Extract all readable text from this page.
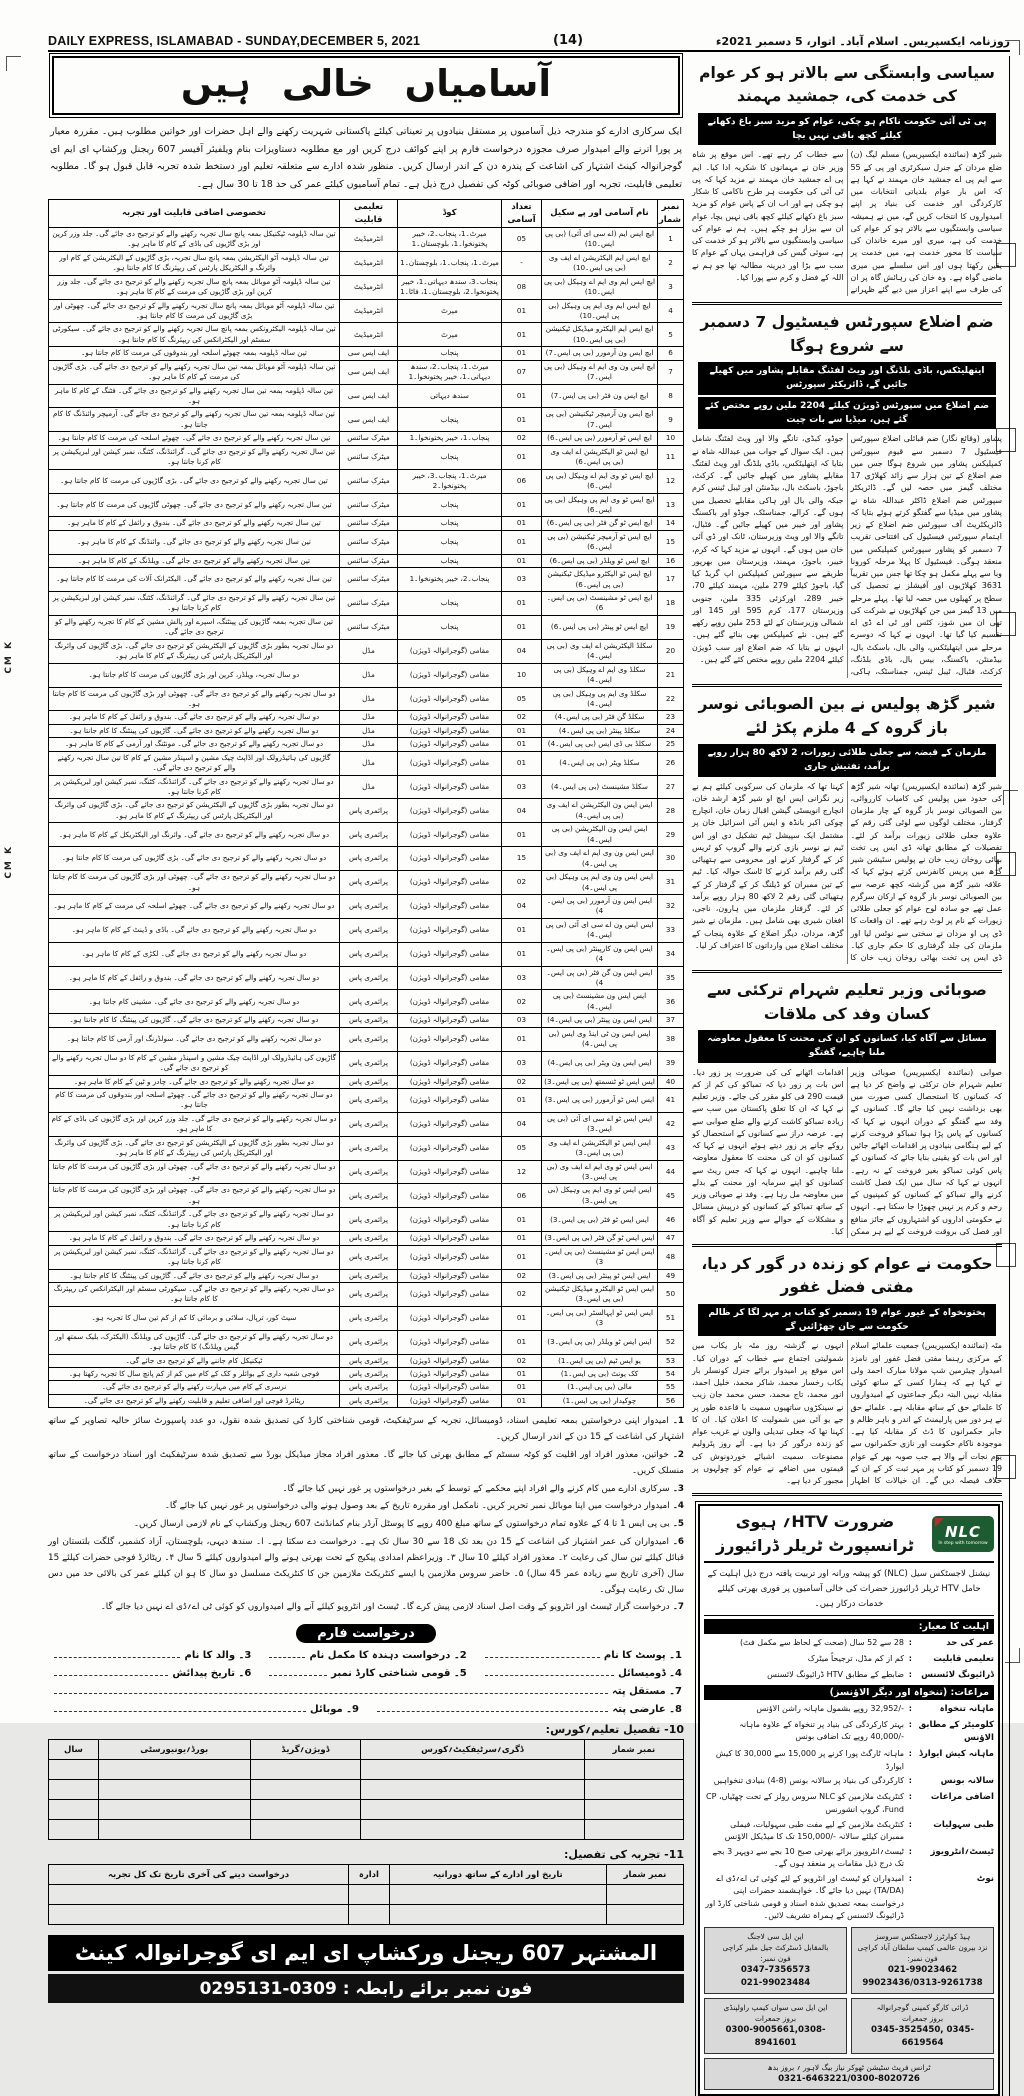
CM K
CM K
DAILY EXPRESS, ISLAMABAD - SUNDAY,DECEMBER 5, 2021	(14)	روزنامہ ایکسپریس۔ اسلام آباد۔ اتوار، 5 دسمبر 2021ء
آسامیاں خالی ہیں
ایک سرکاری ادارے کو مندرجہ ذیل آسامیوں پر مستقل بنیادوں پر تعیناتی کیلئے پاکستانی شہریت رکھنے والے اہل حضرات اور خواتین مطلوب ہیں۔ مقررہ معیار پر پورا اترنے والے امیدوار صرف مجوزہ درخواست فارم پر اپنے کوائف درج کریں اور مع مطلوبہ دستاویزات بنام ویلفیئر آفیسر 607 ریجنل ورکشاپ ای ایم ای گوجرانوالہ کینٹ اشتہار کی اشاعت کے پندرہ دن کے اندر ارسال کریں۔ منظور شدہ ادارے سے متعلقہ تعلیم اور دستخط شدہ تجربہ قابل قبول ہو گا۔ مطلوبہ تعلیمی قابلیت، تجربہ اور اضافی صوبائی کوٹہ کی تفصیل درج ذیل ہے۔ تمام آسامیوں کیلئے عمر کی حد 18 تا 30 سال ہے۔
نمبر شمار	نام آسامی اور پے سکیل	تعداد آسامی	کوڈ	تعلیمی قابلیت	تخصوصی اضافی قابلیت اور تجربہ
1	ایچ ایس ایم (اے سی ای آئی) (بی پی ایس۔10)	05	میرٹ۔1، پنجاب۔2، خیبر پختونخوا۔1، بلوچستان۔1	انٹرمیڈیٹ	تین سالہ ڈپلومہ ٹیکنیکل بمعہ پانچ سال تجربہ رکھنے والے کو ترجیح دی جائے گی۔ جلد وزر کرین اور بڑی گاڑیوں کی باڈی کے کام کا ماہر ہو۔
2	ایچ ایس ایم الیکٹریشن اے ایف وی (بی پی ایس۔10)	-	میرٹ۔1، پنجاب۔1، بلوچستان۔1	انٹرمیڈیٹ	تین سالہ ڈپلومہ آٹو الیکٹریشن بمعہ پانچ سال تجربہ، بڑی گاڑیوں کے الیکٹریشن کے کام اور وائرنگ و الیکٹریکل پارٹس کی ریپئرنگ کا کام جانتا ہو۔
3	ایچ ایس ایم وی ایم اے وہیکل (بی پی ایس۔10)	08	پنجاب۔3، سندھ دیہاتی۔1، خیبر پختونخوا۔2، بلوچستان۔1، فاٹا۔1	انٹرمیڈیٹ	تین سالہ ڈپلومہ آٹو موبائل بمعہ پانچ سال تجربہ رکھنے والے کو ترجیح دی جائے گی۔ جلد وزر کرین اور بڑی گاڑیوں کی مرمت کے کام کا ماہر ہو۔
4	ایچ ایس ایم وی ایم پی وہیکل (بی پی ایس۔10)	01	میرٹ	انٹرمیڈیٹ	تین سالہ ڈپلومہ آٹو موبائل بمعہ پانچ سال تجربہ رکھنے والے کو ترجیح دی جائے گی۔ چھوٹی اور بڑی گاڑیوں کی مرمت کا کام جانتا ہو۔
5	ایچ ایس ایم الیکٹرو میڈیکل ٹیکنیشن (بی پی ایس۔10)	01	میرٹ	انٹرمیڈیٹ	تین سالہ ڈپلومہ الیکٹرونکس بمعہ پانچ سال تجربہ رکھنے والے کو ترجیح دی جائے گی۔ سیکورٹی سسٹم اور الیکٹرانکس کی ریپئرنگ کا کام جانتا ہو۔
6	ایچ ایس ون آرمورر (بی پی ایس۔7)	01	پنجاب	ایف ایس سی	تین سالہ ڈپلومہ بمعہ چھوٹے اسلحہ اور بندوقوں کی مرمت کا کام جانتا ہو۔
7	ایچ ایس ون وی ایم اے وہیکل (بی پی ایس۔7)	07	میرٹ۔1، پنجاب۔2، سندھ دیہاتی۔1، خیبر پختونخوا۔1	ایف ایس سی	تین سالہ ڈپلومہ آٹو موبائل بمعہ تین سال تجربہ رکھنے والے کو ترجیح دی جائے گی۔ بڑی گاڑیوں کی مرمت کے کام کا ماہر ہو۔
8	ایچ ایس ون فٹر (بی پی ایس۔7)	01	سندھ دیہاتی	ایف ایس سی	تین سالہ ڈپلومہ بمعہ تین سال تجربہ رکھنے والے کو ترجیح دی جائے گی۔ فٹنگ کے کام کا ماہر ہو۔
9	ایچ ایس ون آرمیچر ٹیکنیشن (بی پی ایس۔7)	01	پنجاب	ایف ایس سی	تین سالہ ڈپلومہ بمعہ تین سال تجربہ رکھنے والے کو ترجیح دی جائے گی۔ آرمیچر وائنڈنگ کا کام جانتا ہو۔
10	ایچ ایس ٹو آرمورر (بی پی ایس۔6)	02	پنجاب۔1، خیبر پختونخوا۔1	میٹرک سائنس	تین سال تجربہ رکھنے والے کو ترجیح دی جائے گی۔ چھوٹے اسلحہ کی مرمت کا کام جانتا ہو۔
11	ایچ ایس ٹو الیکٹریشن اے ایف وی (بی پی ایس۔6)	01	پنجاب	میٹرک سائنس	تین سال تجربہ رکھنے والے کو ترجیح دی جائے گی۔ گرائنڈنگ، کٹنگ، نمبر کیشن اور لبریکیشن پر کام کرنا جانتا ہو۔
12	ایچ ایس ٹو وی ایم اے وہیکل (بی پی ایس۔6)	06	میرٹ۔1، پنجاب۔3، خیبر پختونخوا۔2	میٹرک سائنس	تین سال تجربہ رکھنے والے کو ترجیح دی جائے گی۔ بڑی گاڑیوں کی مرمت کا کام جانتا ہو۔
13	ایچ ایس ٹو وی ایم پی وہیکل (بی پی ایس۔6)	01	پنجاب	میٹرک سائنس	تین سال تجربہ رکھنے والے کو ترجیح دی جائے گی۔ چھوٹی گاڑیوں کی مرمت کا کام جانتا ہو۔
14	ایچ ایس ٹو گن فٹر (بی پی ایس۔6)	01	پنجاب	میٹرک سائنس	تین سال تجربہ رکھنے والے کو ترجیح دی جائے گی۔ بندوق و رائفل کے کام کا ماہر ہو۔
15	ایچ ایس ٹو آرمیچر ٹیکنیشن (بی پی ایس۔6)	01	پنجاب	میٹرک سائنس	تین سال تجربہ رکھنے والے کو ترجیح دی جائے گی۔ وائنڈنگ کے کام کا ماہر ہو۔
16	ایچ ایس ٹو ویلڈر (بی پی ایس۔6)	01	پنجاب	میٹرک سائنس	تین سال تجربہ رکھنے والے کو ترجیح دی جائے گی۔ ویلڈنگ کے کام کا ماہر ہو۔
17	ایچ ایس ٹو الیکٹرو میڈیکل ٹیکنیشن (بی پی ایس۔6)	03	پنجاب۔2، خیبر پختونخوا۔1	میٹرک سائنس	تین سال تجربہ رکھنے والے کو ترجیح دی جائے گی۔ الیکٹرانک آلات کی مرمت کا کام جانتا ہو۔
18	ایچ ایس ٹو مشینسٹ (بی پی ایس۔6)	01	پنجاب	میٹرک سائنس	تین سال تجربہ رکھنے والے کو ترجیح دی جائے گی۔ گرائنڈنگ، کٹنگ، نمبر کیشن اور لبریکیشن پر کام کرنا جانتا ہو۔
19	ایچ ایس ٹو پینٹر (بی پی ایس۔6)	01	پنجاب	میٹرک سائنس	تین سال تجربہ بمعہ گاڑیوں کی پینٹنگ، اسپرے اور پالش مشین کے کام کا تجربہ رکھنے والے کو ترجیح دی جائے گی۔
20	سکلڈ الیکٹریشن اے ایف وی (بی پی ایس۔4)	04	مقامی (گوجرانوالہ ڈویژن)	مڈل	دو سال تجربہ بطور بڑی گاڑیوں کے الیکٹریشن کو ترجیح دی جائے گی۔ بڑی گاڑیوں کی وائرنگ اور الیکٹریکل پارٹس کی ریپئرنگ کے کام کا ماہر ہو۔
21	سکلڈ وی ایم اے وہیکل (بی پی ایس۔4)	10	مقامی (گوجرانوالہ ڈویژن)	مڈل	دو سال تجربہ، ویلڈر، کرین اور بڑی گاڑیوں کی مرمت کا کام جانتا ہو۔
22	سکلڈ وی ایم پی وہیکل (بی پی ایس۔4)	05	مقامی (گوجرانوالہ ڈویژن)	مڈل	دو سال تجربہ رکھنے والے کو ترجیح دی جائے گی۔ چھوٹی اور بڑی گاڑیوں کی مرمت کا کام جانتا ہو۔
23	سکلڈ گن فٹر (بی پی ایس۔4)	02	مقامی (گوجرانوالہ ڈویژن)	مڈل	دو سال تجربہ رکھنے والے کو ترجیح دی جائے گی۔ بندوق و رائفل کے کام کا ماہر ہو۔
24	سکلڈ پینٹر (بی پی ایس۔4)	01	مقامی (گوجرانوالہ ڈویژن)	مڈل	دو سال تجربہ رکھنے والے کو ترجیح دی جائے گی۔ گاڑیوں کی پینٹنگ کا کام جانتا ہو۔
25	سکلڈ بی ڈی ایس (بی پی ایس۔4)	01	مقامی (گوجرانوالہ ڈویژن)	مڈل	دو سال تجربہ رکھنے والے کو ترجیح دی جائے گی۔ مونٹنگ اور آرمی کے کام کا ماہر ہو۔
26	سکلڈ ویٹر (بی پی ایس۔4)	01	مقامی (گوجرانوالہ ڈویژن)	مڈل	گاڑیوں کی ہائیڈرولک اور اڈاپٹ چیک مشین و اسپنڈر مشین کے کام کا تین سال تجربہ رکھنے والے کو ترجیح دی جائے گی۔
27	سکلڈ مشینسٹ (بی پی ایس۔4)	03	مقامی (گوجرانوالہ ڈویژن)	مڈل	دو سال تجربہ رکھنے والے کو ترجیح دی جائے گی۔ گرائنڈنگ، کٹنگ، نمبر کیشن اور لبریکیشن پر کام کرنا جانتا ہو۔
28	ایس ایس ون الیکٹریشن اے ایف وی (بی پی ایس۔4)	04	مقامی (گوجرانوالہ ڈویژن)	پرائمری پاس	دو سال تجربہ بطور بڑی گاڑیوں کے الیکٹریشن کو ترجیح دی جائے گی۔ بڑی گاڑیوں کی وائرنگ اور الیکٹریکل پارٹس کی ریپئرنگ کے کام کا ماہر ہو۔
29	ایس ایس ون الیکٹریشن (بی پی ایس۔4)	01	مقامی (گوجرانوالہ ڈویژن)	پرائمری پاس	دو سال تجربہ رکھنے والے کو ترجیح دی جائے گی۔ وائرنگ اور الیکٹریکل کے کام کا ماہر ہو۔
30	ایس ایس ون وی ایم اے ایف وی (بی پی ایس۔4)	15	مقامی (گوجرانوالہ ڈویژن)	پرائمری پاس	دو سال تجربہ رکھنے والے کو ترجیح دی جائے گی۔ بڑی گاڑیوں کی مرمت کا کام جانتا ہو۔
31	ایس ایس ون وی ایم پی وہیکل (بی پی ایس۔4)	02	مقامی (گوجرانوالہ ڈویژن)	پرائمری پاس	دو سال تجربہ رکھنے والے کو ترجیح دی جائے گی۔ چھوٹی اور بڑی گاڑیوں کی مرمت کا کام جانتا ہو۔
32	ایس ایس ون آرمورر (بی پی ایس۔4)	04	مقامی (گوجرانوالہ ڈویژن)	پرائمری پاس	دو سال تجربہ رکھنے والے کو ترجیح دی جائے گی۔ چھوٹے اسلحہ کی مرمت کے کام کا ماہر ہو۔
33	ایس ایس ون اے سی ای آئی (بی پی ایس۔4)	01	مقامی (گوجرانوالہ ڈویژن)	پرائمری پاس	دو سال تجربہ رکھنے والے کو ترجیح دی جائے گی۔ باڈی و ڈینٹ کے کام کا ماہر ہو۔
34	ایس ایس ون کارپینٹر (بی پی ایس۔4)	01	مقامی (گوجرانوالہ ڈویژن)	پرائمری پاس	دو سال تجربہ رکھنے والے کو ترجیح دی جائے گی۔ لکڑی کے کام کا ماہر ہو۔
35	ایس ایس ون گن فٹر (بی پی ایس۔4)	03	مقامی (گوجرانوالہ ڈویژن)	پرائمری پاس	دو سال تجربہ رکھنے والے کو ترجیح دی جائے گی۔ بندوق و رائفل کے کام کا ماہر ہو۔
36	ایس ایس ون مشینسٹ (بی پی ایس۔4)	02	مقامی (گوجرانوالہ ڈویژن)	پرائمری پاس	دو سال تجربہ رکھنے والے کو ترجیح دی جائے گی۔ مشینی کام جانتا ہو۔
37	ایس ایس ون پینٹر (بی پی ایس۔4)	03	مقامی (گوجرانوالہ ڈویژن)	پرائمری پاس	دو سال تجربہ رکھنے والے کو ترجیح دی جائے گی۔ گاڑیوں کی پینٹنگ کا کام جانتا ہو۔
38	ایس ایس ون ٹی اینڈ وی ایس (بی پی ایس۔4)	01	مقامی (گوجرانوالہ ڈویژن)	پرائمری پاس	دو سال تجربہ رکھنے والے کو ترجیح دی جائے گی۔ سولڈرنگ اور آرمی کا کام جانتا ہو۔
39	ایس ایس ون ویٹر (بی پی ایس۔4)	03	مقامی (گوجرانوالہ ڈویژن)	پرائمری پاس	گاڑیوں کی ہائیڈرولک اور اڈاپٹ چیک مشین و اسپنڈر مشین کے کام کا دو سال تجربہ رکھنے والے کو ترجیح دی جائے گی۔
40	ایس ایس ٹو ٹنسمتھ (بی پی ایس۔3)	02	مقامی (گوجرانوالہ ڈویژن)	پرائمری پاس	دو سال تجربہ رکھنے والے کو ترجیح دی جائے گی۔ چادر و ٹین کے کام کا ماہر ہو۔
41	ایس ایس ٹو آرمورر (بی پی ایس۔3)	01	مقامی (گوجرانوالہ ڈویژن)	پرائمری پاس	دو سال تجربہ رکھنے والے کو ترجیح دی جائے گی۔ چھوٹے اسلحہ اور بندوقوں کی مرمت کا کام جانتا ہو۔
42	ایس ایس ٹو اے سی ای آئی (بی پی ایس۔3)	04	مقامی (گوجرانوالہ ڈویژن)	پرائمری پاس	دو سال تجربہ رکھنے والے کو ترجیح دی جائے گی۔ جلد وزر کرین اور بڑی گاڑیوں کی باڈی کے کام کا ماہر ہو۔
43	ایس ایس ٹو الیکٹریشن اے ایف وی (بی پی ایس۔3)	05	مقامی (گوجرانوالہ ڈویژن)	پرائمری پاس	دو سال تجربہ بطور بڑی گاڑیوں کے الیکٹریشن کو ترجیح دی جائے گی۔ بڑی گاڑیوں کی وائرنگ اور الیکٹریکل پارٹس کی ریپئرنگ کے کام کا ماہر ہو۔
44	ایس ایس ٹو وی ایم اے ایف وی (بی پی ایس۔3)	12	مقامی (گوجرانوالہ ڈویژن)	پرائمری پاس	دو سال تجربہ رکھنے والے کو ترجیح دی جائے گی۔ چھوٹی اور بڑی گاڑیوں کی مرمت کا کام جانتا ہو۔
45	ایس ایس ٹو وی ایم پی وہیکل (بی پی ایس۔3)	06	مقامی (گوجرانوالہ ڈویژن)	پرائمری پاس	دو سال تجربہ رکھنے والے کو ترجیح دی جائے گی۔ چھوٹی اور بڑی گاڑیوں کی مرمت کا کام جانتا ہو۔
46	ایس ایس ٹو فٹر (بی پی ایس۔3)	01	مقامی (گوجرانوالہ ڈویژن)	پرائمری پاس	دو سال تجربہ رکھنے والے کو ترجیح دی جائے گی۔ گرائنڈنگ، کٹنگ، نمبر کیشن اور لبریکیشن پر کام کرنا جانتا ہو۔
47	ایس ایس ٹو گن فٹر (بی پی ایس۔3)	01	مقامی (گوجرانوالہ ڈویژن)	پرائمری پاس	دو سال تجربہ رکھنے والے کو ترجیح دی جائے گی۔ بندوق و رائفل کے کام کا ماہر ہو۔
48	ایس ایس ٹو مشینسٹ (بی پی ایس۔3)	01	مقامی (گوجرانوالہ ڈویژن)	پرائمری پاس	دو سال تجربہ رکھنے والے کو ترجیح دی جائے گی۔ گرائنڈنگ، کٹنگ، نمبر کیشن اور لبریکیشن پر کام کرنا جانتا ہو۔
49	ایس ایس ٹو پینٹر (بی پی ایس۔3)	02	مقامی (گوجرانوالہ ڈویژن)	پرائمری پاس	دو سال تجربہ رکھنے والے کو ترجیح دی جائے گی۔ گاڑیوں کی پینٹنگ کا کام جانتا ہو۔
50	ایس ایس ٹو الیکٹرو میڈیکل ٹیکنیشن (بی پی ایس۔3)	02	مقامی (گوجرانوالہ ڈویژن)	پرائمری پاس	دو سال تجربہ رکھنے والے کو ترجیح دی جائے گی۔ سیکورٹی سسٹم اور الیکٹرانکس کی ریپئرنگ کا کام جانتا ہو۔
51	ایس ایس ٹو اپہالسٹر (بی پی ایس۔3)	01	مقامی (گوجرانوالہ ڈویژن)	پرائمری پاس	سیٹ کور، ترپال، سلائی و برمائی کا کم از کم تین سال کا تجربہ ہو۔
52	ایس ایس ٹو ویلڈر (بی پی ایس۔3)	01	مقامی (گوجرانوالہ ڈویژن)	پرائمری پاس	دو سال تجربہ رکھنے والے کو ترجیح دی جائے گی۔ گاڑیوں کی ویلڈنگ (الیکٹرک، بلیک سمتھ اور گیس ویلڈنگ) کا کام جانتا ہو۔
53	یو ایس ٹیم (بی پی ایس۔1)	02	مقامی (گوجرانوالہ ڈویژن)	پرائمری پاس	ٹیکنیکل کام جاننے والے کو ترجیح دی جائے گی۔
54	کک یونٹ (بی پی ایس۔1)	01	مقامی (گوجرانوالہ ڈویژن)	پرائمری پاس	فوجی شعبہ داری کے بوائلر و کک کے کام میں کم از کم پانچ سال کا تجربہ رکھتا ہو۔
55	مالی (بی پی ایس۔1)	01	مقامی (گوجرانوالہ ڈویژن)	پرائمری پاس	نرسری کے کام میں مہارت رکھنے والے کو ترجیح دی جائے گی۔
56	چوکیدار (بی پی ایس۔1)	01	مقامی (گوجرانوالہ ڈویژن)	پرائمری پاس	ریٹائرڈ فوجی اور اضافی تعلیم و قابلیت رکھنے والے کو ترجیح دی جائے گی۔

1۔ امیدوار اپنی درخواستیں بمعہ تعلیمی اسناد، ڈومیسائل، تجربہ کے سرٹیفکیٹ، قومی شناختی کارڈ کی تصدیق شدہ نقول، دو عدد پاسپورٹ سائز حالیہ تصاویر کے ساتھ اشتہار کی اشاعت کے 15 دن کے اندر ارسال کریں۔

2۔ خواتین، معذور افراد اور اقلیت کو کوٹہ سسٹم کے مطابق بھرتی کیا جائے گا۔ معذور افراد مجاز میڈیکل بورڈ سے تصدیق شدہ سرٹیفکیٹ اور اسناد درخواست کے ساتھ منسلک کریں۔

3۔ سرکاری ادارے میں کام کرنے والے افراد اپنے محکمے کے توسط کے بغیر درخواستوں پر غور نہیں کیا جائے گا۔

4۔ امیدوار درخواست میں اپنا موبائل نمبر تحریر کریں۔ نامکمل اور مقررہ تاریخ کے بعد وصول ہونے والی درخواستوں پر غور نہیں کیا جائے گا۔

5۔ بی پی ایس 1 تا 4 کے علاوہ تمام درخواستوں کے ساتھ مبلغ 400 روپے کا پوسٹل آرڈر بنام کمانڈنٹ 607 ریجنل ورکشاپ کے نام لازمی ارسال کریں۔

6۔ امیدواران کی عمر اشتہار کی اشاعت کے 15 دن بعد تک 18 سے 30 سال تک ہے۔ درخواست دے سکتا ہے۔ ا۔ سندھ دیہی، بلوچستان، آزاد کشمیر، گلگت بلتستان اور قبائل کیلئے تین سال کی رعایت ۲۔ معذور افراد کیلئے 10 سال ۳۔ وزیراعظم امدادی پیکیج کے تحت بھرتی ہونے والے امیدواروں کیلئے 5 سال ۴۔ ریٹائرڈ فوجی حضرات کیلئے 15 سال (آخری تاریخ سے زیادہ عمر 45 سال) ۵۔ حاضر سروس ملازمین یا ایسے کنٹریکٹ ملازمین جن کا کنٹریکٹ مسلسل دو سال کا ہو ان کیلئے عمر کی بالائی حد میں دس سال تک رعایت ہوگی۔

7۔ درخواست گزار ٹیسٹ اور انٹرویو کے وقت اصل اسناد لازمی پیش کرے گا۔ ٹیسٹ اور انٹرویو کیلئے آنے والے امیدواروں کو کوئی ٹی اے؍ڈی اے نہیں دیا جائے گا۔

درخواست فارم
1۔ پوسٹ کا نام
2۔ درخواست دہندہ کا مکمل نام
3۔ والد کا نام
4۔ ڈومیسائل
5۔ قومی شناختی کارڈ نمبر
6۔ تاریخ پیدائش
7۔ مستقل پتہ
8۔ عارضی پتہ
9۔ موبائل
10- تفصیل تعلیم؍کورس:
نمبر شمار	ڈگری؍سرٹیفکیٹ؍کورس	ڈویژن؍گریڈ	بورڈ؍یونیورسٹی	سال

11- تجربہ کی تفصیل:
نمبر شمار	تاریخ اور ادارے کے ساتھ دورانیہ	ادارہ	درخواست دینے کی آخری تاریخ تک کل تجربہ

المشتہر 607 ریجنل ورکشاپ ای ایم ای گوجرانوالہ کینٹ
فون نمبر برائے رابطہ : 0309-0295131
سیاسی وابستگی سے بالاتر ہو کر عوام کی خدمت کی، جمشید مہمند
پی ٹی آئی حکومت ناکام ہو چکی، عوام کو مزید سبز باغ دکھانے کیلئے کچھ باقی نہیں بچا
شیر گڑھ (نمائندہ ایکسپریس) مسلم لیگ (ن) ضلع مردان کے جنرل سیکرٹری اور پی کے 55 سے ایم پی اے جمشید خان مہمند نے کہا ہے کہ اس بار عوام بلدیاتی انتخابات میں کارکردگی اور خدمت کی بنیاد پر اپنے امیدواروں کا انتخاب کریں گے، میں نے ہمیشہ سیاسی وابستگیوں سے بالاتر ہو کر عوام کی خدمت کی ہے، میری اور میرے خاندان کی سیاست کا محور خدمت ہے، میں خدمت پر یقین رکھتا ہوں اور اس سلسلے میں میری ماضی گواہ ہے۔ وہ خان کی رہائش گاہ پر ان کی طرف سے اپنے اعزاز میں دیے گئے ظہرانے سے خطاب کر رہے تھے۔ اس موقع پر شاہ وزیر خان نے مہمانوں کا شکریہ ادا کیا۔ ایم پی اے جمشید خان مہمند نے مزید کہا کہ پی ٹی آئی کی حکومت ہر طرح ناکامی کا شکار ہو چکی ہے اور اب ان کے پاس عوام کو مزید سبز باغ دکھانے کیلئے کچھ باقی نہیں بچا، عوام ان سے بیزار ہو چکے ہیں۔ ہم نے عوام کی سیاسی وابستگیوں سے بالاتر ہو کر خدمت کی ہے، سوئی گیس کی فراہمی یہاں کے عوام کا سب سے بڑا اور دیرینہ مطالبہ تھا جو ہم نے اللہ کے فضل و کرم سے پورا کیا۔
ضم اضلاع سپورٹس فیسٹیول 7 دسمبر سے شروع ہوگا
ایتھلیٹکس، باڈی بلڈنگ اور ویٹ لفٹنگ مقابلے پشاور میں کھیلے جائیں گے، ڈائریکٹر سپورٹس
ضم اضلاع میں سپورٹس ڈویژن کیلئے 2204 ملین روپے مختص کئے گئے ہیں، میڈیا سے بات چیت
پشاور (وقائع نگار) ضم قبائلی اضلاع سپورٹس فیسٹیول 7 دسمبر سے قیوم سپورٹس کمپلیکس پشاور میں شروع ہوگا جس میں ضم اضلاع کے تین ہزار سے زائد کھلاڑی 17 مختلف گیمز میں حصہ لیں گے۔ ڈائریکٹر سپورٹس ضم اضلاع ڈاکٹر عبداللہ شاہ نے پشاور میں میڈیا سے گفتگو کرتے ہوئے بتایا کہ ڈائریکٹریٹ آف سپورٹس ضم اضلاع کے زیر اہتمام سپورٹس فیسٹیول کی افتتاحی تقریب 7 دسمبر کو پشاور سپورٹس کمپلیکس میں منعقد ہوگی۔ فیسٹیول کا پہلا مرحلہ کورونا وبا سے پہلے مکمل ہو چکا تھا جس میں تقریباً 3631 کھلاڑیوں اور آفیشلز نے تحصیل کی سطح پر کھیلوں میں حصہ لیا تھا۔ پہلے مرحلے میں 13 گیمز میں جن کھلاڑیوں نے شرکت کی تھی ان میں شوز، کٹس اور ٹی اے ڈی اے تقسیم کیا گیا تھا۔ انہوں نے کہا کہ دوسرے مرحلے میں ایتھلیٹکس، والی بال، باسکٹ بال، بیڈمنٹن، باکسنگ، بیس بال، باڈی بلڈنگ، کرکٹ، فٹبال، ٹیبل ٹینس، جمناسٹک، ہاکی، جوڈو، کبڈی، تانگے والا اور ویٹ لفٹنگ شامل ہیں۔ ایک سوال کے جواب میں عبداللہ شاہ نے بتایا کہ ایتھلیٹکس، باڈی بلڈنگ اور ویٹ لفٹنگ مقابلے پشاور میں کھیلے جائیں گے۔ کرکٹ، باجوڑ، باسکٹ بال، بیڈمنٹن اور ٹیبل ٹینس کرم جبکہ والی بال اور ہاکی مقابلے تحصیل میں ہوں گے۔ کرالے، جمناسٹک، جوڈو اور باکسنگ پشاور اور خیبر میں کھیلے جائیں گے۔ فٹبال، تانگے والا اور ویٹ وزیرستان، ٹانک اور ڈی آئی خان میں ہوں گے۔ انہوں نے مزید کہا کہ کرم، خیبر، باجوڑ، مہمند، وزیرستان میں بھرپور طریقے سے سپورٹس کمپلیکس اپ گریڈ کیا گیا، باجوڑ کیلئے 279 ملین، مہمند کیلئے 70، خیبر 289، اورکزئی 335 ملین، جنوبی وزیرستان 177، کرم 595 اور 145 اور شمالی وزیرستان کے لئے 253 ملین روپے رکھے گئے ہیں۔ نئے کمپلیکس بھی بنائے گئے ہیں۔ انہوں نے بتایا کہ ضم اضلاع اور سب ڈویژن کیلئے 2204 ملین روپے مختص کئے گئے ہیں۔
شیر گڑھ پولیس نے بین الصوبائی نوسر باز گروہ کے 4 ملزم پکڑ لئے
ملزمان کے قبضہ سے جعلی طلائی زیورات، 2 لاکھ 80 ہزار روپے برآمد، تفتیش جاری
شیر گڑھ (نمائندہ ایکسپریس) تھانہ شیر گڑھ کی حدود میں پولیس کی کامیاب کارروائی، بین الصوبائی نوسر باز گروہ کے چار ملزمان گرفتار، مختلف لوگوں سے لوٹی گئی رقم کے علاوہ جعلی طلائی زیورات برآمد کر لئے۔ تفصیلات کے مطابق تھانہ ڈی ایس پی تخت بھائی روخان زیب خان نے پولیس سٹیشن شیر گڑھ میں پریس کانفرنس کرتے ہوئے کہا کہ علاقہ شیر گڑھ میں گزشتہ کچھ عرصہ سے بین الصوبائی نوسر باز گروہ کے ارکان سرگرم عمل تھے جو سادہ لوح عوام کو جعلی طلائی زیورات کے نام پر لوٹ رہے تھے۔ ان واقعات کا ڈی پی او مردان نے سختی سے نوٹس لیا اور ملزمان کی جلد گرفتاری کا حکم جاری کیا۔ ڈی ایس پی تخت بھائی روخان زیب خان کا کہنا تھا کہ ملزمان کی سرکوبی کیلئے ہم نے زیر نگرانی ایس ایچ او شیر گڑھ ارشد خان، انچارج انویسٹی گیشن اقبال زمان خان، انچارج چوکی اکبر بانڈہ و ایس آئی اسرائیل خان پر مشتمل ایک سپیشل ٹیم تشکیل دی اور اس ٹیم نے نوسر بازی کرنے والے گروپ کو ٹریس کر کے گرفتار کرنے اور محرومی سے ہتھیائی گئی رقم برآمد کرنے کا ٹاسک حوالہ کیا۔ ٹیم کے تین ممبران کو ڈیلنگ کر کے گرفتار کر کے ہتھیائی گئی رقم 2 لاکھ 80 ہزار روپے برآمد کر لئے۔ گرفتار ملزمان میں ہارون، ناجی، افغان شیری بھی شامل ہیں۔ ملزمان نے شیر گڑھ، مردان، دیگر اضلاع کے علاوہ پنجاب کے مختلف اضلاع میں وارداتوں کا اعتراف کر لیا۔
صوبائی وزیر تعلیم شہرام ترکئی سے کسان وفد کی ملاقات
مسائل سے آگاہ کیا، کسانوں کو ان کی محنت کا معقول معاوضہ ملنا چاہیے، گفتگو
صوابی (نمائندہ ایکسپریس) صوبائی وزیر تعلیم شہرام خان ترکئی نے واضح کر دیا ہے کہ کسانوں کا استحصال کسی صورت میں بھی برداشت نہیں کیا جائے گا۔ کسانوں کے وفد سے گفتگو کے دوران انہوں نے کہا کہ کسانوں کے پاس پڑا ہوا تمباکو فروخت کرنے کے لیے ہنگامی بنیادوں پر اقدامات اٹھائے جائیں اور اس بات کو یقینی بنایا جائے کہ کسانوں کے پاس کوئی تمباکو بغیر فروخت کے نہ رہے۔ انہوں نے کہا کہ سال میں ایک فصل کاشت کرنے والے تمباکو کے کسانوں کو کمپنیوں کے رحم و کرم پر نہیں چھوڑا جا سکتا ہے۔ انہوں نے حکومتی اداروں کو اشتہاروں کے جائز منافع اور فصل کی بروقت فروخت کے لیے ہر ممکن اقدامات اٹھانے کی کی ضرورت پر زور دیا۔ اس بات پر زور دیا کہ تمباکو کی کم از کم قیمت 290 فی کلو مقرر کی جائے۔ وزیر تعلیم نے کہا کہ ان کا تعلق پاکستان میں سب سے زیادہ تمباکو کاشت کرنے والے ضلع صوابی سے ہے۔ عرصہ دراز سے کسانوں کے استحصال کو روکے جانے پر زور دیتے ہوئے انہوں نے کہا کہ کسانوں کو ان کی محنت کا معقول معاوضہ ملنا چاہیے۔ انہوں نے کہا کہ جس ریٹ سے کسانوں کو اپنے سرمایہ اور محنت کے بدلے میں معاوضہ مل رہا ہے۔ وفد نے صوبائی وزیر کے ساتھ تمباکو کے کسانوں کو درپیش مسائل و مشکلات کے حوالے سے وزیر تعلیم کو آگاہ کیا۔
حکومت نے عوام کو زندہ در گور کر دیا، مفتی فضل غفور
پختونخواہ کے غیور عوام 19 دسمبر کو کتاب پر مہر لگا کر ظالم حکومت سے جان چھڑائیں گے
مٹہ (نمائندہ ایکسپریس) جمعیت علمائے اسلام کے مرکزی رہنما مفتی فضل غفور اور نامزد امیدوار چیئرمین شپ مولانا مبارک احمد ولی نے کہا ہے کہ ہمارا کسی کے ساتھ کوئی مقابلہ نہیں البتہ دیگر جماعتوں کے امیدواروں کا علمائے حق کے ساتھ مقابلہ ہے۔ علمائے حق نے ہر دور میں پارلیمنٹ کے اندر و باہر ظالم و جابر حکمرانوں کا ڈٹ کر مقابلہ کیا ہے۔ موجودہ ناکام حکومت اور نازی حکمرانوں سے یوم نجات آنے والا ہے جب صوبہ بھر کے عوام 19 دسمبر کو کتاب پر مہر ثبت کر کے ان کے خلاف فیصلہ دیں گے۔ ان خیالات کا اظہار انہوں نے گزشتہ روز مٹہ بار یکاب میں شمولیتی اجتماع سے خطاب کے دوران کیا۔ اس موقع پر امیدوار برائے جنرل کونسلر بار یکاب رخسار محمد، شاکر محمد، خلیل احمد، انور محمد، تاج محمد، حسن محمد جان زیب نے سینکڑوں ساتھیوں سمیت با قاعدہ طور پر جے یو آئی میں شمولیت کا اعلان کیا۔ ان کا کہنا تھا کہ جعلی تبدیلی والوں نے غریب عوام کو زندہ درگور کر دیا ہے۔ آئے روز پٹرولیم مصنوعات سمیت اشیائے خوردونوش کی قیمتوں میں اضافے نے عوام کو چولہوں پر مجبور کر دیا ہے۔
NLC
In step with tomorrow
ضرورت HTV؍ ہیوی
ٹرانسپورٹ ٹریلر ڈرائیورز
نیشنل لاجسٹکس سیل (NLC) کو پیشہ ورانہ اور تربیت یافتہ درج ذیل اہلیت کے حامل HTV ٹریلر ڈرائیورز حضرات کی خالی آسامیوں پر فوری بھرتی کیلئے خدمات درکار ہیں۔
اہلیت کا معیار:
عمر کی حد
:
28 سے 52 سال (صحت کے لحاظ سے مکمل فٹ)
تعلیمی قابلیت
:
کم از کم مڈل، ترجیحاً میٹرک
ڈرائیونگ لائسنس
:
ضابطے کے مطابق HTV ڈرائیونگ لائسنس
مراعات: (تنخواہ اور دیگر الاؤنسز)
ماہانہ تنخواہ
:
-/32,952 روپے بشمول ماہانہ راشن الاؤنس
کلومیٹر کے مطابق الاؤنس
:
بہتر کارکردگی کی بنیاد پر تنخواہ کے علاوہ ماہانہ -/40,000 روپے تک اضافی بونس
ماہانہ کیش ایوارڈ
:
ماہانہ ٹارگٹ پورا کرنے پر 15,000 سے 30,000 کا کیش ایوارڈ
سالانہ بونس
:
کارکردگی کی بنیاد پر سالانہ بونس (8-4) بنیادی تنخواہیں
اضافی مراعات
:
کنٹریکٹ ملازمین کو NLC سروس رولز کے تحت چھٹیاں، CP Fund، گروپ انشورنس
طبی سہولیات
:
کنٹریکٹ ملازمین کے لیے مفت طبی سہولیات، فیملی ممبران کیلئے سالانہ -/150,000 تک کا میڈیکل الاؤنس
ٹیسٹ؍انٹرویوز
:
ٹیسٹ؍انٹرویوز برائے بھرتی صبح 10 بجے سے دوپہر 3 بجے تک درج ذیل مقامات پر منعقد ہوں گے۔
نوٹ
:
امیدواران کو ٹیسٹ اور انٹرویو کے لئے کوئی ٹی اے؍ڈی اے (TA/DA) نہیں دیا جائے گا۔ خواہشمند حضرات اپنی درخواست بمعہ تصدیق شدہ اسناد و قومی شناختی کارڈ اور ڈرائیونگ لائسنس کے ہمراہ تشریف لائیں۔
ہیڈ کوارٹرز لاجسٹکس سروسز
نزد بیرون عالمی کیمپ سلطان آباد کراچی
فون نمبر:
021-99023462
99023436/0313-9261738
این ایل سی لاجنگ
بالمقابل ڈسٹرکٹ جیل ملیر کراچی
فون نمبر:
0347-7356573
021-99023484
ڈرائی کارگو کمپنی گوجرانوالہ
بروز جمعرات
0345-3525450, 0345-6619564
این ایل سی سواں کیمپ راولپنڈی
بروز جمعرات
0300-9005661,0308-8941601
ٹرانس فریٹ سٹیشن ٹھوکر نیاز بیگ لاہور ؍ بروز بدھ
0321-6463221/0300-8020726
